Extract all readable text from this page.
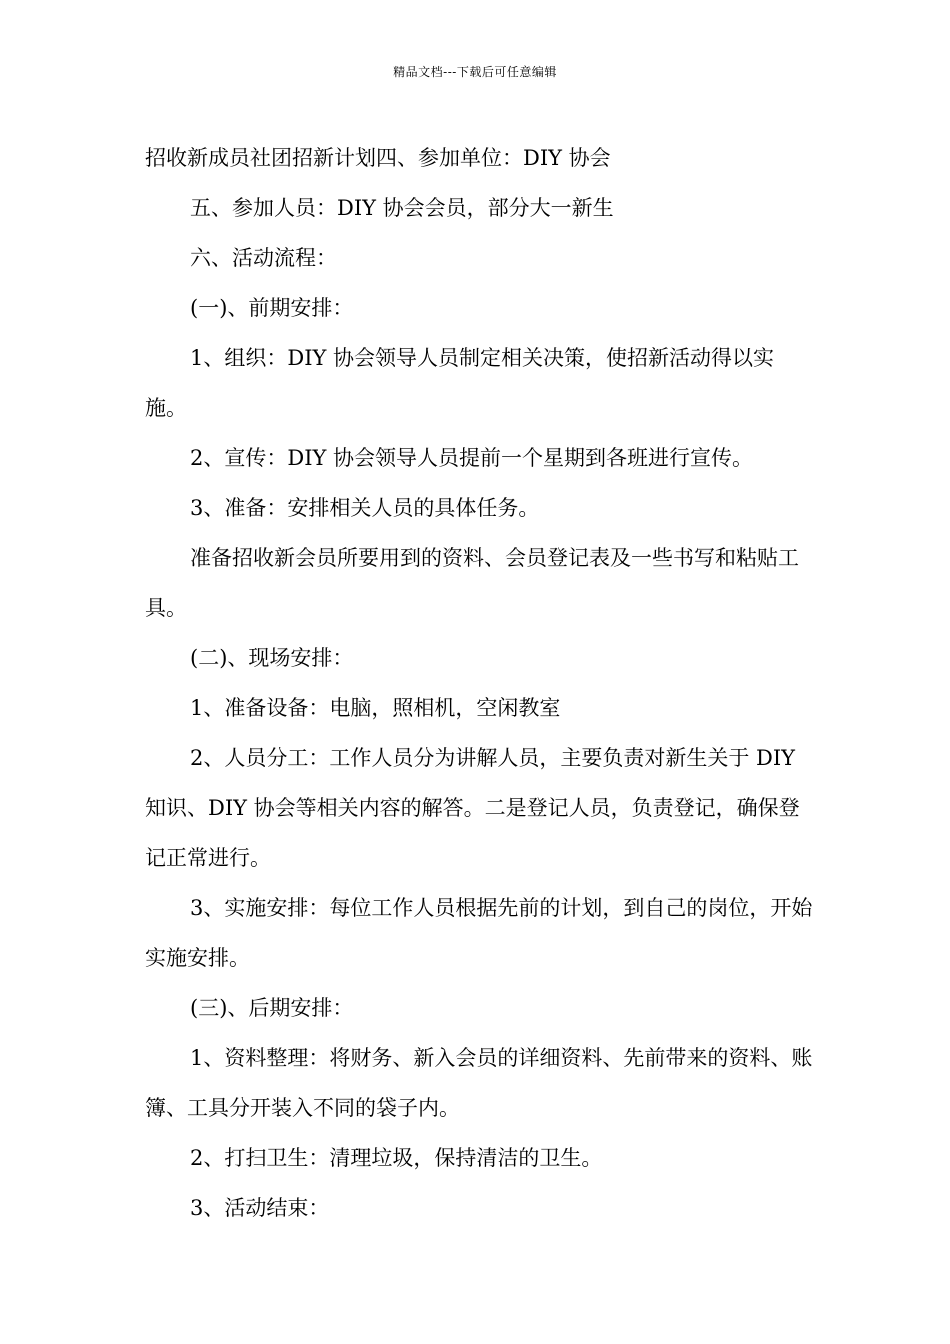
精品文档---下载后可任意编辑

招收新成员社团招新计划四、参加单位：DIY 协会

五、参加人员：DIY 协会会员，部分大一新生

六、活动流程：

(一)、前期安排：

1、组织：DIY 协会领导人员制定相关决策，使招新活动得以实施。

2、宣传：DIY 协会领导人员提前一个星期到各班进行宣传。

3、准备：安排相关人员的具体任务。

准备招收新会员所要用到的资料、会员登记表及一些书写和粘贴工具。

(二)、现场安排：

1、准备设备：电脑，照相机，空闲教室

2、人员分工：工作人员分为讲解人员，主要负责对新生关于 DIY 知识、DIY 协会等相关内容的解答。二是登记人员，负责登记，确保登记正常进行。

3、实施安排：每位工作人员根据先前的计划，到自己的岗位，开始实施安排。

(三)、后期安排：

1、资料整理：将财务、新入会员的详细资料、先前带来的资料、账簿、工具分开装入不同的袋子内。

2、打扫卫生：清理垃圾，保持清洁的卫生。

3、活动结束：
